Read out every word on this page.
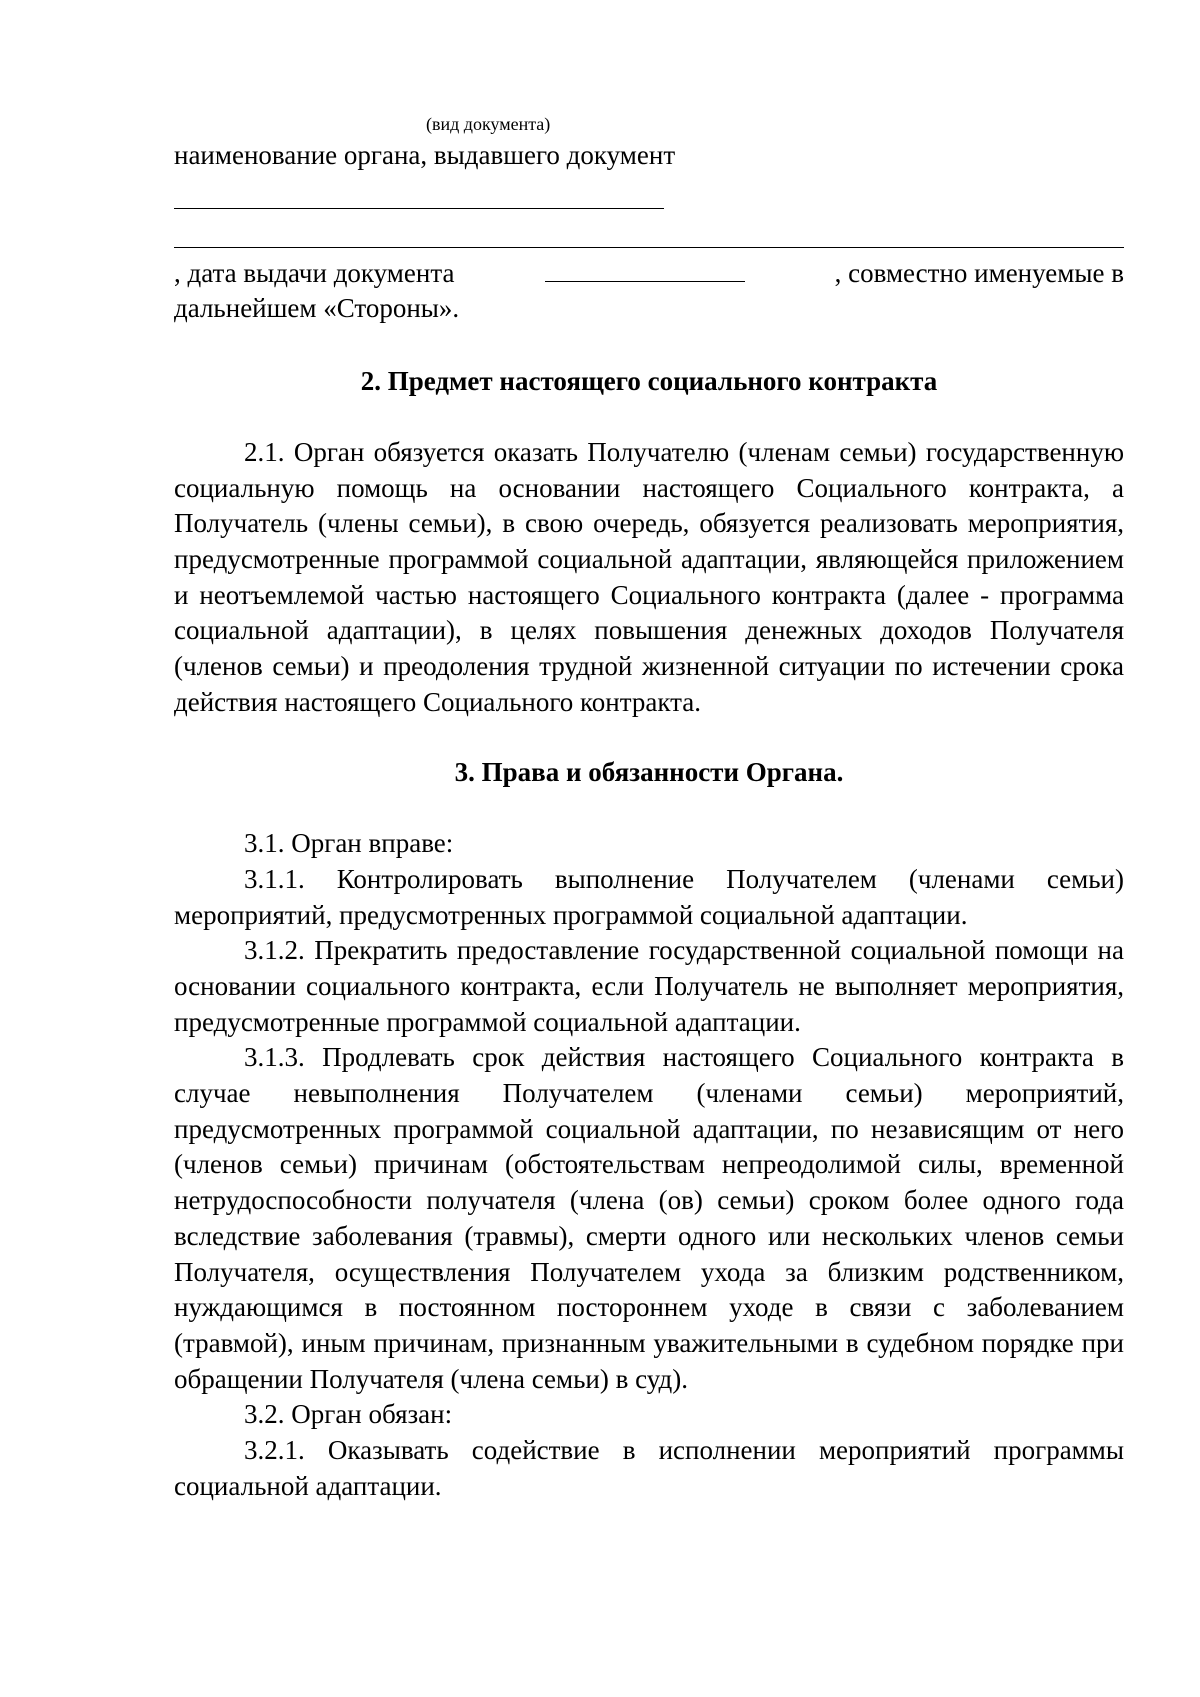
(вид документа)

наименование органа, выдавшего документ

, дата выдачи документа	, совместно именуемые в

дальнейшем «Стороны».

2. Предмет настоящего социального контракта

2.1. Орган обязуется оказать Получателю (членам семьи) государственную социальную помощь на основании настоящего Социального контракта, а Получатель (члены семьи), в свою очередь, обязуется реализовать мероприятия, предусмотренные программой социальной адаптации, являющейся приложением и неотъемлемой частью настоящего Социального контракта (далее - программа социальной адаптации), в целях повышения денежных доходов Получателя (членов семьи) и преодоления трудной жизненной ситуации по истечении срока действия настоящего Социального контракта.

3. Права и обязанности Органа.

3.1. Орган вправе:

3.1.1. Контролировать выполнение Получателем (членами семьи) мероприятий, предусмотренных программой социальной адаптации.

3.1.2. Прекратить предоставление государственной социальной помощи на основании социального контракта, если Получатель не выполняет мероприятия, предусмотренные программой социальной адаптации.

3.1.3. Продлевать срок действия настоящего Социального контракта в случае невыполнения Получателем (членами семьи) мероприятий, предусмотренных программой социальной адаптации, по независящим от него (членов семьи) причинам (обстоятельствам непреодолимой силы, временной нетрудоспособности получателя (члена (ов) семьи) сроком более одного года вследствие заболевания (травмы), смерти одного или нескольких членов семьи Получателя, осуществления Получателем ухода за близким родственником, нуждающимся в постоянном постороннем уходе в связи с заболеванием (травмой), иным причинам, признанным уважительными в судебном порядке при обращении Получателя (члена семьи) в суд).

3.2. Орган обязан:

3.2.1. Оказывать содействие в исполнении мероприятий программы социальной адаптации.
